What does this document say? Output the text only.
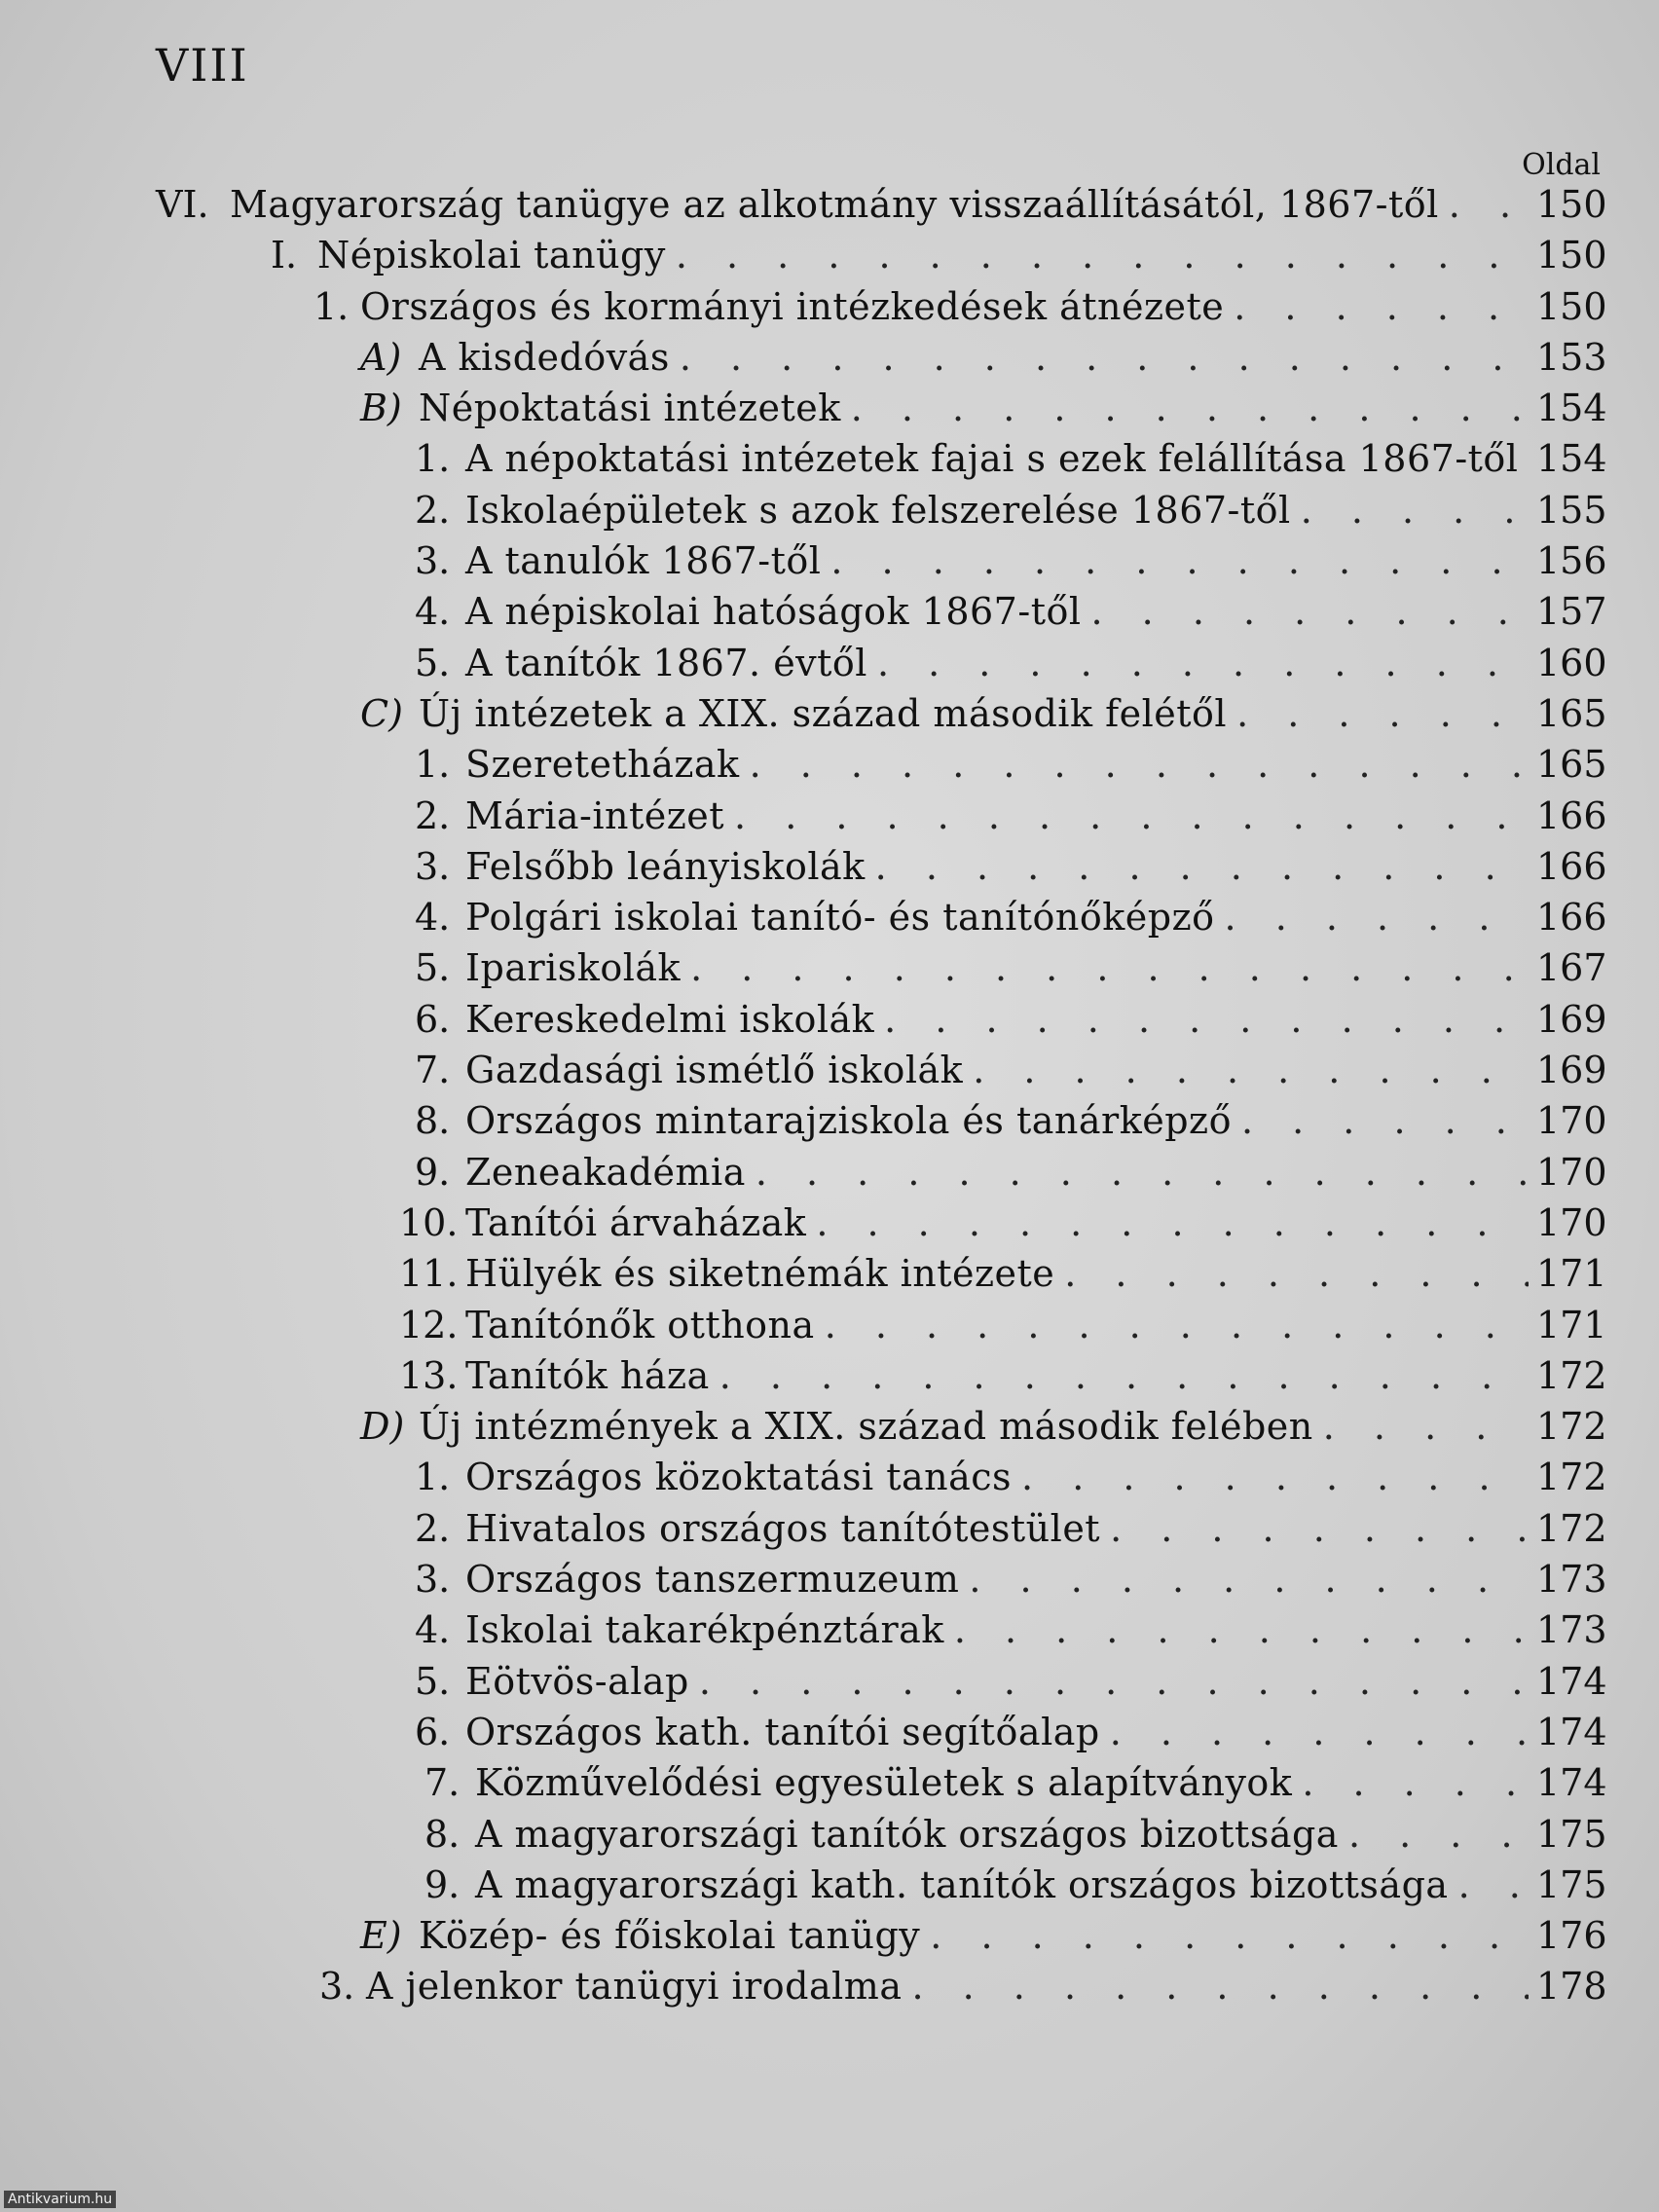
VIII
Oldal
VI. Magyarország tanügye az alkotmány visszaállításától, 1867-től . . .	150
I. Népiskolai tanügy . . .	150
1. Országos és kormányi intézkedések átnézete . . .	150
A) A kisdedóvás . . .	153
B) Népoktatási intézetek . . .	154
1. A népoktatási intézetek fajai s ezek felállítása 1867-től . . . 154
2. Iskolaépületek s azok felszerelése 1867-től . . .	155
3. A tanulók 1867-től . . .	156
4. A népiskolai hatóságok 1867-től . . .	157
5. A tanítók 1867. évtől . . .	160
C) Új intézetek a XIX. század második felétől . . .	165
1. Szeretetházak . . .	165
2. Mária-intézet . . .	166
3. Felsőbb leányiskolák . . .	166
4. Polgári iskolai tanító- és tanítónőképző . . .	166
5. Ipariskolák . . .	167
6. Kereskedelmi iskolák . . .	169
7. Gazdasági ismétlő iskolák . . .	169
8. Országos mintarajziskola és tanárképző . . .	170
9. Zeneakadémia . . .	170
10. Tanítói árvaházak . . .	170
11. Hülyék és siketnémák intézete . . .	171
12. Tanítónők otthona . . .	171
13. Tanítók háza . . .	172
D) Új intézmények a XIX. század második felében . . .	172
1. Országos közoktatási tanács . . .	172
2. Hivatalos országos tanítótestület . . .	172
3. Országos tanszermuzeum . . .	173
4. Iskolai takarékpénztárak . . .	173
5. Eötvös-alap . . .	174
6. Országos kath. tanítói segítőalap . . .	174
7. Közművelődési egyesületek s alapítványok . . .	174
8. A magyarországi tanítók országos bizottsága . . .	175
9. A magyarországi kath. tanítók országos bizottsága . . . 175
E) Közép- és főiskolai tanügy . . .	176
3. A jelenkor tanügyi irodalma . . .	178
Antikvarium.hu
